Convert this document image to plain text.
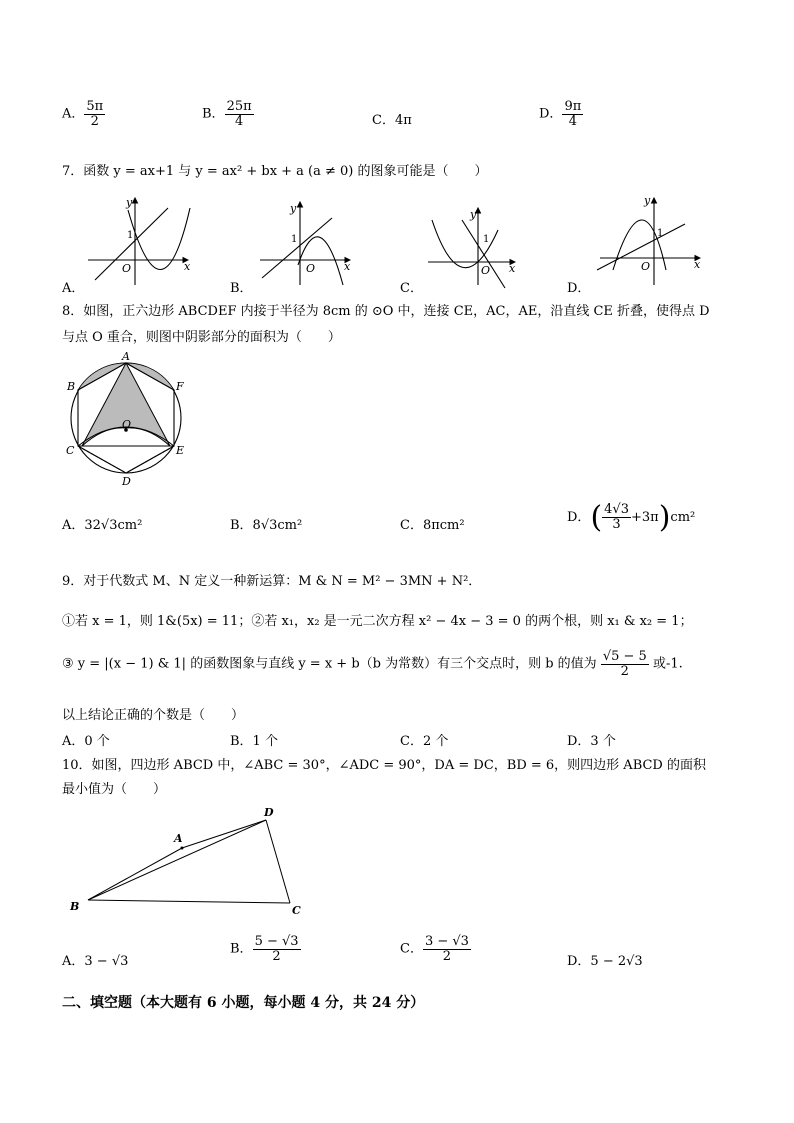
A． $\frac{5\pi}{2}$	B． $\frac{25\pi}{4}$	C．4π	D． $\frac{9\pi}{4}$
7．函数 y = ax+1 与 y = ax² + bx + a (a ≠ 0) 的图象可能是（　　）
y
x
O
1
y
x
O
1
y
x
O
1
y
x
O
1
A．	B．	C．	D．
8．如图，正六边形 ABCDEF 内接于半径为 8cm 的 ⊙O 中，连接 CE，AC，AE，沿直线 CE 折叠，使得点 D
与点 O 重合，则图中阴影部分的面积为（　　）
A
B	F
C	E
O
D
A．32√3cm²	B．8√3cm²	C．8πcm²
D．( $\frac{4√3}{3} +3\pi)cm^2$
9．对于代数式 M、N 定义一种新运算：M & N = M² − 3MN + N²．
①若 x = 1，则 1&(5x) = 11；②若 x₁，x₂ 是一元二次方程 x² − 4x − 3 = 0 的两个根，则 x₁ & x₂ = 1；
③ y = |(x − 1) & 1| 的函数图象与直线 y = x + b（b 为常数）有三个交点时，则 b 的值为 $\frac{√5 - 5}{2}$ 或-1.
以上结论正确的个数是（　　）
A．0 个	B．1 个	C．2 个	D．3 个
10．如图，四边形 ABCD 中，∠ABC = 30°，∠ADC = 90°，DA = DC，BD = 6，则四边形 ABCD 的面积
最小值为（　　）
A
B	C
D
A．3 − √3
B． $\frac{5 - √3}{2}$	C． $\frac{3 - √3}{2}$	D．5 − 2√3
二、填空题（本大题有 6 小题，每小题 4 分，共 24 分）
